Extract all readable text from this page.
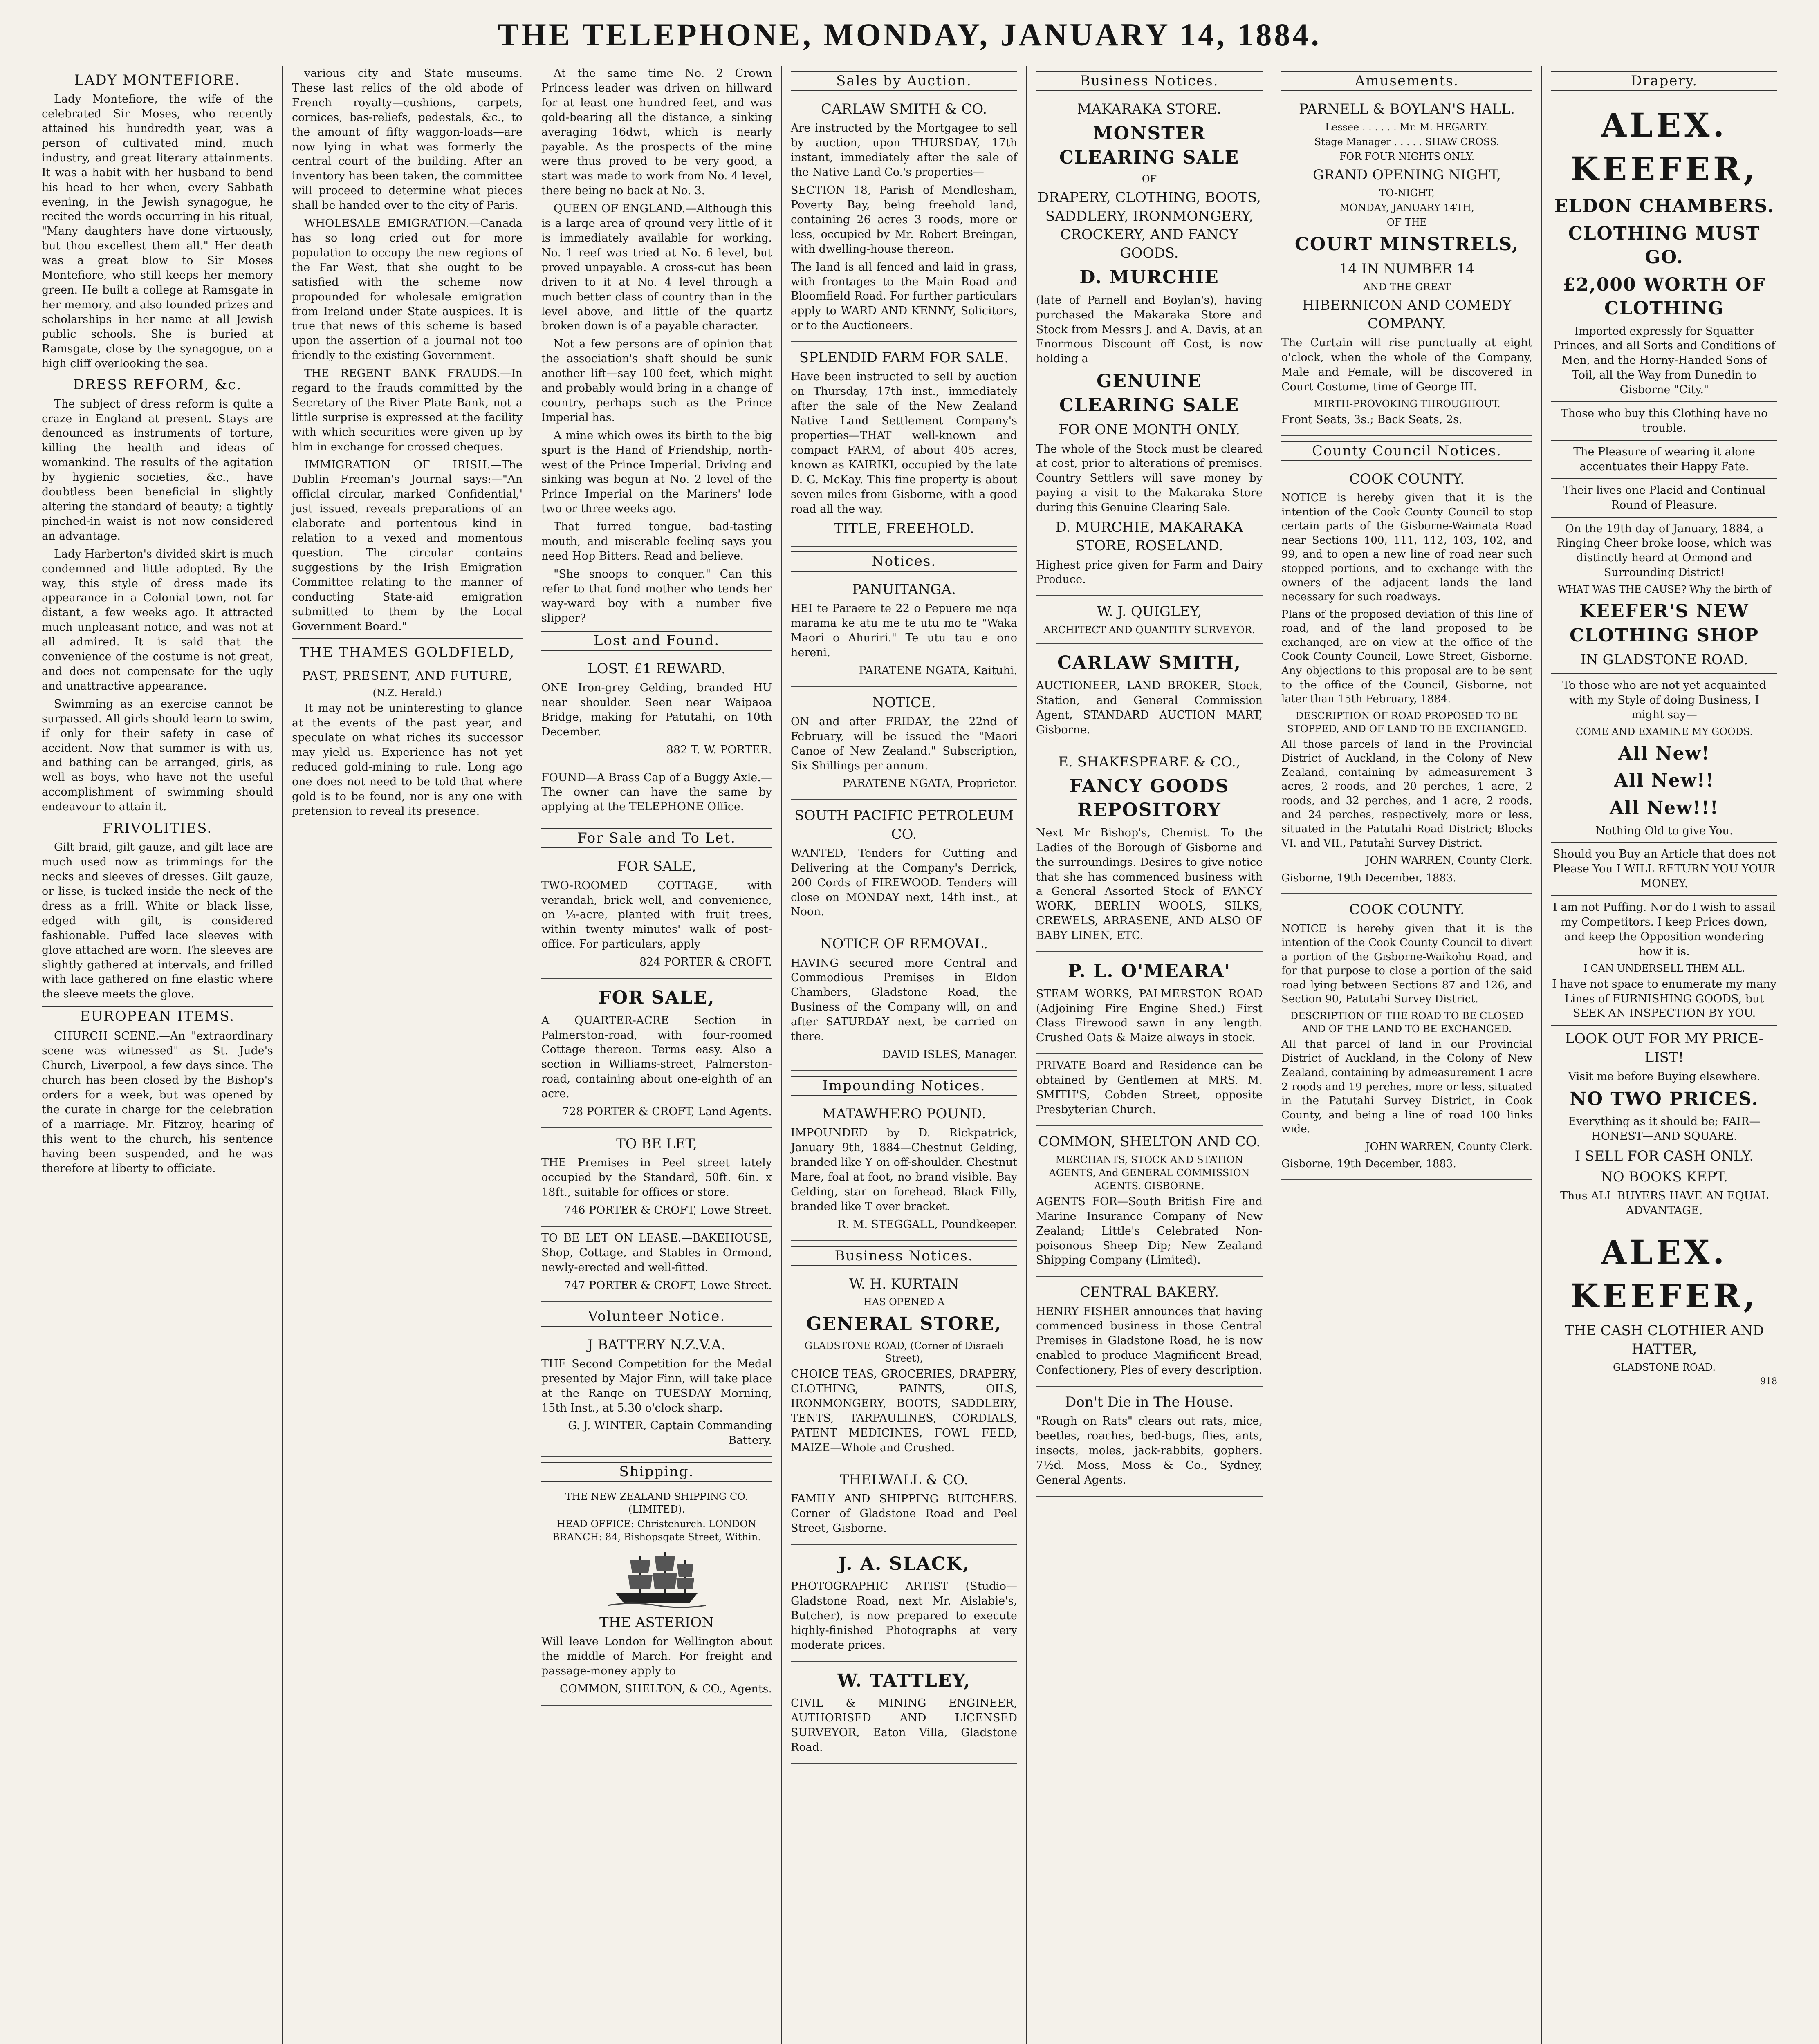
THE TELEPHONE, MONDAY, JANUARY 14, 1884.
LADY MONTEFIORE.

Lady Montefiore, the wife of the celebrated Sir Moses, who recently attained his hundredth year, was a person of cultivated mind, much industry, and great literary attainments. It was a habit with her husband to bend his head to her when, every Sabbath evening, in the Jewish synagogue, he recited the words occurring in his ritual, "Many daughters have done virtuously, but thou excellest them all." Her death was a great blow to Sir Moses Montefiore, who still keeps her memory green. He built a college at Ramsgate in her memory, and also founded prizes and scholarships in her name at all Jewish public schools. She is buried at Ramsgate, close by the synagogue, on a high cliff overlooking the sea.

DRESS REFORM, &c.

The subject of dress reform is quite a craze in England at present. Stays are denounced as instruments of torture, killing the health and ideas of womankind. The results of the agitation by hygienic societies, &c., have doubtless been beneficial in slightly altering the standard of beauty; a tightly pinched-in waist is not now considered an advantage.

Lady Harberton's divided skirt is much condemned and little adopted. By the way, this style of dress made its appearance in a Colonial town, not far distant, a few weeks ago. It attracted much unpleasant notice, and was not at all admired. It is said that the convenience of the costume is not great, and does not compensate for the ugly and unattractive appearance.

Swimming as an exercise cannot be surpassed. All girls should learn to swim, if only for their safety in case of accident. Now that summer is with us, and bathing can be arranged, girls, as well as boys, who have not the useful accomplishment of swimming should endeavour to attain it.

FRIVOLITIES.

Gilt braid, gilt gauze, and gilt lace are much used now as trimmings for the necks and sleeves of dresses. Gilt gauze, or lisse, is tucked inside the neck of the dress as a frill. White or black lisse, edged with gilt, is considered fashionable. Puffed lace sleeves with glove attached are worn. The sleeves are slightly gathered at intervals, and frilled with lace gathered on fine elastic where the sleeve meets the glove.

EUROPEAN ITEMS.

CHURCH SCENE.—An "extraordinary scene was witnessed" as St. Jude's Church, Liverpool, a few days since. The church has been closed by the Bishop's orders for a week, but was opened by the curate in charge for the celebration of a marriage. Mr. Fitzroy, hearing of this went to the church, his sentence having been suspended, and he was therefore at liberty to officiate.

various city and State museums. These last relics of the old abode of French royalty—cushions, carpets, cornices, bas-reliefs, pedestals, &c., to the amount of fifty waggon-loads—are now lying in what was formerly the central court of the building. After an inventory has been taken, the committee will proceed to determine what pieces shall be handed over to the city of Paris.

WHOLESALE EMIGRATION.—Canada has so long cried out for more population to occupy the new regions of the Far West, that she ought to be satisfied with the scheme now propounded for wholesale emigration from Ireland under State auspices. It is true that news of this scheme is based upon the assertion of a journal not too friendly to the existing Government.

THE REGENT BANK FRAUDS.—In regard to the frauds committed by the Secretary of the River Plate Bank, not a little surprise is expressed at the facility with which securities were given up by him in exchange for crossed cheques.

IMMIGRATION OF IRISH.—The Dublin Freeman's Journal says:—"An official circular, marked 'Confidential,' just issued, reveals preparations of an elaborate and portentous kind in relation to a vexed and momentous question. The circular contains suggestions by the Irish Emigration Committee relating to the manner of conducting State-aid emigration submitted to them by the Local Government Board."

THE THAMES GOLDFIELD,
PAST, PRESENT, AND FUTURE,
(N.Z. Herald.)

It may not be uninteresting to glance at the events of the past year, and speculate on what riches its successor may yield us. Experience has not yet reduced gold-mining to rule. Long ago one does not need to be told that where gold is to be found, nor is any one with pretension to reveal its presence.

At the same time No. 2 Crown Princess leader was driven on hillward for at least one hundred feet, and was gold-bearing all the distance, a sinking averaging 16dwt, which is nearly payable. As the prospects of the mine were thus proved to be very good, a start was made to work from No. 4 level, there being no back at No. 3.

QUEEN OF ENGLAND.—Although this is a large area of ground very little of it is immediately available for working. No. 1 reef was tried at No. 6 level, but proved unpayable. A cross-cut has been driven to it at No. 4 level through a much better class of country than in the level above, and little of the quartz broken down is of a payable character.

Not a few persons are of opinion that the association's shaft should be sunk another lift—say 100 feet, which might and probably would bring in a change of country, perhaps such as the Prince Imperial has.

A mine which owes its birth to the big spurt is the Hand of Friendship, north-west of the Prince Imperial. Driving and sinking was begun at No. 2 level of the Prince Imperial on the Mariners' lode two or three weeks ago.

That furred tongue, bad-tasting mouth, and miserable feeling says you need Hop Bitters. Read and believe.

"She snoops to conquer." Can this refer to that fond mother who tends her way-ward boy with a number five slipper?

Lost and Found.
LOST. £1 REWARD.

ONE Iron-grey Gelding, branded HU near shoulder. Seen near Waipaoa Bridge, making for Patutahi, on 10th December.

882 T. W. PORTER.

FOUND—A Brass Cap of a Buggy Axle.—The owner can have the same by applying at the TELEPHONE Office.

For Sale and To Let.
FOR SALE,

TWO-ROOMED COTTAGE, with verandah, brick well, and convenience, on ¼-acre, planted with fruit trees, within twenty minutes' walk of post-office. For particulars, apply

824 PORTER & CROFT.

FOR SALE,

A QUARTER-ACRE Section in Palmerston-road, with four-roomed Cottage thereon. Terms easy. Also a section in Williams-street, Palmerston-road, containing about one-eighth of an acre.

728 PORTER & CROFT, Land Agents.

TO BE LET,

THE Premises in Peel street lately occupied by the Standard, 50ft. 6in. x 18ft., suitable for offices or store.

746 PORTER & CROFT, Lowe Street.

TO BE LET ON LEASE.—BAKEHOUSE, Shop, Cottage, and Stables in Ormond, newly-erected and well-fitted.

747 PORTER & CROFT, Lowe Street.

Volunteer Notice.
J BATTERY N.Z.V.A.

THE Second Competition for the Medal presented by Major Finn, will take place at the Range on TUESDAY Morning, 15th Inst., at 5.30 o'clock sharp.

G. J. WINTER, Captain Commanding Battery.

Shipping.
THE NEW ZEALAND SHIPPING CO. (LIMITED).
HEAD OFFICE: Christchurch. LONDON BRANCH: 84, Bishopsgate Street, Within.
THE ASTERION

Will leave London for Wellington about the middle of March. For freight and passage-money apply to

COMMON, SHELTON, & CO., Agents.

Sales by Auction.
CARLAW SMITH & CO.

Are instructed by the Mortgagee to sell by auction, upon THURSDAY, 17th instant, immediately after the sale of the Native Land Co.'s properties—

SECTION 18, Parish of Mendlesham, Poverty Bay, being freehold land, containing 26 acres 3 roods, more or less, occupied by Mr. Robert Breingan, with dwelling-house thereon.

The land is all fenced and laid in grass, with frontages to the Main Road and Bloomfield Road. For further particulars apply to WARD AND KENNY, Solicitors, or to the Auctioneers.

SPLENDID FARM FOR SALE.

Have been instructed to sell by auction on Thursday, 17th inst., immediately after the sale of the New Zealand Native Land Settlement Company's properties—THAT well-known and compact FARM, of about 405 acres, known as KAIRIKI, occupied by the late D. G. McKay. This fine property is about seven miles from Gisborne, with a good road all the way.

TITLE, FREEHOLD.
Notices.
PANUITANGA.

HEI te Paraere te 22 o Pepuere me nga marama ke atu me te utu mo te "Waka Maori o Ahuriri." Te utu tau e ono hereni.

PARATENE NGATA, Kaituhi.

NOTICE.

ON and after FRIDAY, the 22nd of February, will be issued the "Maori Canoe of New Zealand." Subscription, Six Shillings per annum.

PARATENE NGATA, Proprietor.

SOUTH PACIFIC PETROLEUM CO.

WANTED, Tenders for Cutting and Delivering at the Company's Derrick, 200 Cords of FIREWOOD. Tenders will close on MONDAY next, 14th inst., at Noon.

NOTICE OF REMOVAL.

HAVING secured more Central and Commodious Premises in Eldon Chambers, Gladstone Road, the Business of the Company will, on and after SATURDAY next, be carried on there.

DAVID ISLES, Manager.

Impounding Notices.
MATAWHERO POUND.

IMPOUNDED by D. Rickpatrick, January 9th, 1884—Chestnut Gelding, branded like Y on off-shoulder. Chestnut Mare, foal at foot, no brand visible. Bay Gelding, star on forehead. Black Filly, branded like T over bracket.

R. M. STEGGALL, Poundkeeper.

Business Notices.
W. H. KURTAIN
HAS OPENED A
GENERAL STORE,
GLADSTONE ROAD, (Corner of Disraeli Street),

CHOICE TEAS, GROCERIES, DRAPERY, CLOTHING, PAINTS, OILS, IRONMONGERY, BOOTS, SADDLERY, TENTS, TARPAULINES, CORDIALS, PATENT MEDICINES, FOWL FEED, MAIZE—Whole and Crushed.

THELWALL & CO.

FAMILY AND SHIPPING BUTCHERS. Corner of Gladstone Road and Peel Street, Gisborne.

J. A. SLACK,

PHOTOGRAPHIC ARTIST (Studio—Gladstone Road, next Mr. Aislabie's, Butcher), is now prepared to execute highly-finished Photographs at very moderate prices.

W. TATTLEY,

CIVIL & MINING ENGINEER, AUTHORISED AND LICENSED SURVEYOR, Eaton Villa, Gladstone Road.

Business Notices.
MAKARAKA STORE.
MONSTER CLEARING SALE
OF
DRAPERY, CLOTHING, BOOTS, SADDLERY, IRONMONGERY, CROCKERY, AND FANCY GOODS.
D. MURCHIE

(late of Parnell and Boylan's), having purchased the Makaraka Store and Stock from Messrs J. and A. Davis, at an Enormous Discount off Cost, is now holding a

GENUINE CLEARING SALE
FOR ONE MONTH ONLY.

The whole of the Stock must be cleared at cost, prior to alterations of premises. Country Settlers will save money by paying a visit to the Makaraka Store during this Genuine Clearing Sale.

D. MURCHIE, MAKARAKA STORE, ROSELAND.

Highest price given for Farm and Dairy Produce.

W. J. QUIGLEY,
ARCHITECT AND QUANTITY SURVEYOR.
CARLAW SMITH,

AUCTIONEER, LAND BROKER, Stock, Station, and General Commission Agent, STANDARD AUCTION MART, Gisborne.

E. SHAKESPEARE & CO.,
FANCY GOODS REPOSITORY

Next Mr Bishop's, Chemist. To the Ladies of the Borough of Gisborne and the surroundings. Desires to give notice that she has commenced business with a General Assorted Stock of FANCY WORK, BERLIN WOOLS, SILKS, CREWELS, ARRASENE, AND ALSO OF BABY LINEN, ETC.

P. L. O'MEARA'

STEAM WORKS, PALMERSTON ROAD (Adjoining Fire Engine Shed.) First Class Firewood sawn in any length. Crushed Oats & Maize always in stock.

PRIVATE Board and Residence can be obtained by Gentlemen at MRS. M. SMITH'S, Cobden Street, opposite Presbyterian Church.

COMMON, SHELTON AND CO.
MERCHANTS, STOCK AND STATION AGENTS, And GENERAL COMMISSION AGENTS. GISBORNE.

AGENTS FOR—South British Fire and Marine Insurance Company of New Zealand; Little's Celebrated Non-poisonous Sheep Dip; New Zealand Shipping Company (Limited).

CENTRAL BAKERY.

HENRY FISHER announces that having commenced business in those Central Premises in Gladstone Road, he is now enabled to produce Magnificent Bread, Confectionery, Pies of every description.

Don't Die in The House.

"Rough on Rats" clears out rats, mice, beetles, roaches, bed-bugs, flies, ants, insects, moles, jack-rabbits, gophers. 7½d. Moss, Moss & Co., Sydney, General Agents.

Amusements.
PARNELL & BOYLAN'S HALL.
Lessee . . . . . . Mr. M. HEGARTY.
Stage Manager . . . . . SHAW CROSS.
FOR FOUR NIGHTS ONLY.
GRAND OPENING NIGHT,
TO-NIGHT,
MONDAY, JANUARY 14TH,
OF THE
COURT MINSTRELS,
14 IN NUMBER 14
AND THE GREAT
HIBERNICON AND COMEDY COMPANY.

The Curtain will rise punctually at eight o'clock, when the whole of the Company, Male and Female, will be discovered in Court Costume, time of George III.

MIRTH-PROVOKING THROUGHOUT.

Front Seats, 3s.; Back Seats, 2s.

County Council Notices.
COOK COUNTY.

NOTICE is hereby given that it is the intention of the Cook County Council to stop certain parts of the Gisborne-Waimata Road near Sections 100, 111, 112, 103, 102, and 99, and to open a new line of road near such stopped portions, and to exchange with the owners of the adjacent lands the land necessary for such roadways.

Plans of the proposed deviation of this line of road, and of the land proposed to be exchanged, are on view at the office of the Cook County Council, Lowe Street, Gisborne. Any objections to this proposal are to be sent to the office of the Council, Gisborne, not later than 15th February, 1884.

DESCRIPTION OF ROAD PROPOSED TO BE STOPPED, AND OF LAND TO BE EXCHANGED.

All those parcels of land in the Provincial District of Auckland, in the Colony of New Zealand, containing by admeasurement 3 acres, 2 roods, and 20 perches, 1 acre, 2 roods, and 32 perches, and 1 acre, 2 roods, and 24 perches, respectively, more or less, situated in the Patutahi Road District; Blocks VI. and VII., Patutahi Survey District.

JOHN WARREN, County Clerk.

Gisborne, 19th December, 1883.

COOK COUNTY.

NOTICE is hereby given that it is the intention of the Cook County Council to divert a portion of the Gisborne-Waikohu Road, and for that purpose to close a portion of the said road lying between Sections 87 and 126, and Section 90, Patutahi Survey District.

DESCRIPTION OF THE ROAD TO BE CLOSED AND OF THE LAND TO BE EXCHANGED.

All that parcel of land in our Provincial District of Auckland, in the Colony of New Zealand, containing by admeasurement 1 acre 2 roods and 19 perches, more or less, situated in the Patutahi Survey District, in Cook County, and being a line of road 100 links wide.

JOHN WARREN, County Clerk.

Gisborne, 19th December, 1883.

Drapery.
ALEX. KEEFER,
ELDON CHAMBERS.
CLOTHING MUST GO.
£2,000 WORTH OF CLOTHING

Imported expressly for Squatter Princes, and all Sorts and Conditions of Men, and the Horny-Handed Sons of Toil, all the Way from Dunedin to Gisborne "City."

Those who buy this Clothing have no trouble.

The Pleasure of wearing it alone accentuates their Happy Fate.

Their lives one Placid and Continual Round of Pleasure.

On the 19th day of January, 1884, a Ringing Cheer broke loose, which was distinctly heard at Ormond and Surrounding District!

WHAT WAS THE CAUSE? Why the birth of
KEEFER'S NEW CLOTHING SHOP
IN GLADSTONE ROAD.

To those who are not yet acquainted with my Style of doing Business, I might say—

COME AND EXAMINE MY GOODS.
All New!
All New!!
All New!!!

Nothing Old to give You.

Should you Buy an Article that does not Please You I WILL RETURN YOU YOUR MONEY.

I am not Puffing. Nor do I wish to assail my Competitors. I keep Prices down, and keep the Opposition wondering how it is.

I CAN UNDERSELL THEM ALL.

I have not space to enumerate my many Lines of FURNISHING GOODS, but SEEK AN INSPECTION BY YOU.

LOOK OUT FOR MY PRICE-LIST!

Visit me before Buying elsewhere.

NO TWO PRICES.

Everything as it should be; FAIR—HONEST—AND SQUARE.

I SELL FOR CASH ONLY.
NO BOOKS KEPT.

Thus ALL BUYERS HAVE AN EQUAL ADVANTAGE.

ALEX. KEEFER,
THE CASH CLOTHIER AND HATTER,
GLADSTONE ROAD.
918
